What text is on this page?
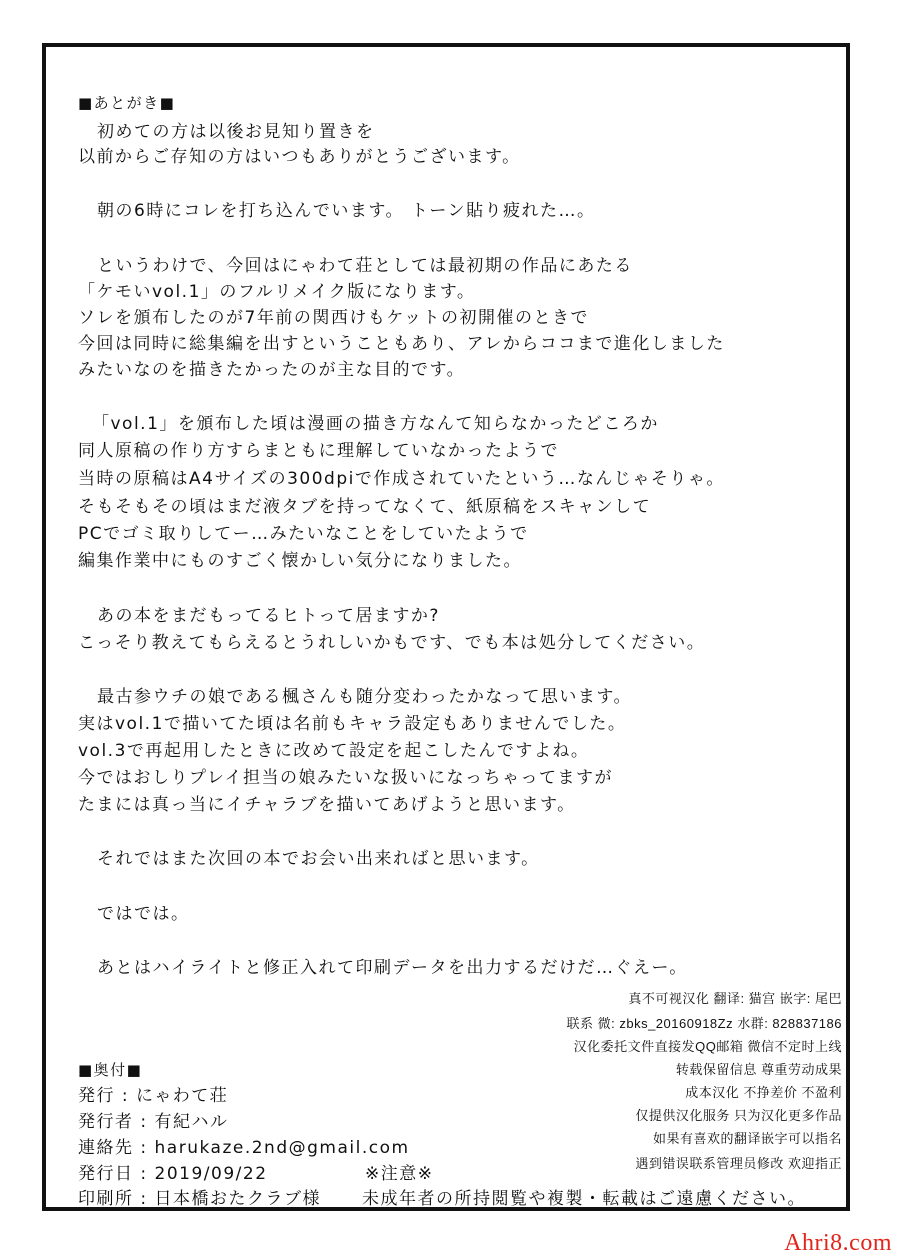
■あとがき■
初めての方は以後お見知り置きを
以前からご存知の方はいつもありがとうございます。
朝の6時にコレを打ち込んでいます。 トーン貼り疲れた…。
というわけで、今回はにゃわて荘としては最初期の作品にあたる
「ケモいvol.1」のフルリメイク版になります。
ソレを頒布したのが7年前の関西けもケットの初開催のときで
今回は同時に総集編を出すということもあり、アレからココまで進化しました
みたいなのを描きたかったのが主な目的です。
「vol.1」を頒布した頃は漫画の描き方なんて知らなかったどころか
同人原稿の作り方すらまともに理解していなかったようで
当時の原稿はA4サイズの300dpiで作成されていたという…なんじゃそりゃ。
そもそもその頃はまだ液タブを持ってなくて、紙原稿をスキャンして
PCでゴミ取りしてー…みたいなことをしていたようで
編集作業中にものすごく懐かしい気分になりました。
あの本をまだもってるヒトって居ますか?
こっそり教えてもらえるとうれしいかもです、でも本は処分してください。
最古参ウチの娘である楓さんも随分変わったかなって思います。
実はvol.1で描いてた頃は名前もキャラ設定もありませんでした。
vol.3で再起用したときに改めて設定を起こしたんですよね。
今ではおしりプレイ担当の娘みたいな扱いになっちゃってますが
たまには真っ当にイチャラブを描いてあげようと思います。
それではまた次回の本でお会い出来ればと思います。
ではでは。
あとはハイライトと修正入れて印刷データを出力するだけだ…ぐえー。
真不可视汉化 翻译: 猫宫 嵌字: 尾巴
联系 微: zbks_20160918Zz 水群: 828837186
汉化委托文件直接发QQ邮箱 微信不定时上线
转载保留信息 尊重劳动成果
成本汉化 不挣差价 不盈利
仅提供汉化服务 只为汉化更多作品
如果有喜欢的翻译嵌字可以指名
遇到错误联系管理员修改 欢迎指正
■奥付■
発行 : にゃわて荘
発行者 : 有紀ハル
連絡先 : harukaze.2nd@gmail.com
発行日 : 2019/09/22	※注意※
印刷所 : 日本橋おたクラブ様 未成年者の所持閲覧や複製・転載はご遠慮ください。
Ahri8.com
